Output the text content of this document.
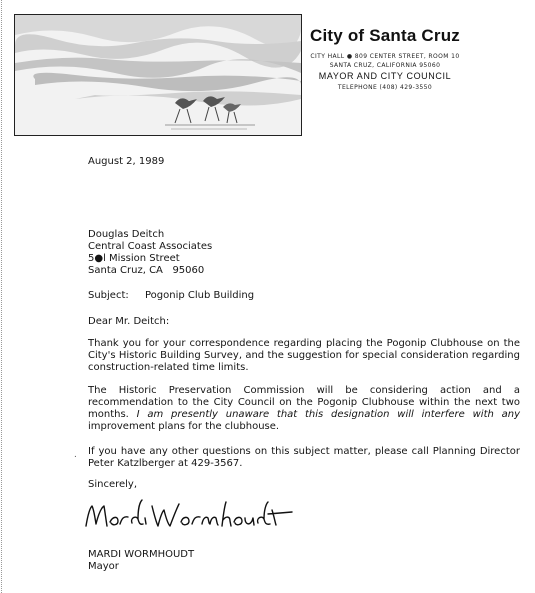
City of Santa Cruz
CITY HALL ● 809 CENTER STREET, ROOM 10
SANTA CRUZ, CALIFORNIA 95060
MAYOR AND CITY COUNCIL
TELEPHONE (408) 429-3550
August 2, 1989
Douglas Deitch
Central Coast Associates
5●l Mission Street
Santa Cruz, CA   95060
Subject: Pogonip Club Building
Dear Mr. Deitch:
Thank you for your correspondence regarding placing the Pogonip Clubhouse on the City's Historic Building Survey, and the suggestion for special consideration regarding construction-related time limits.
The Historic Preservation Commission will be considering action and a recommendation to the City Council on the Pogonip Clubhouse within the next two months. I am presently unaware that this designation will interfere with any improvement plans for the clubhouse.
. If you have any other questions on this subject matter, please call Planning Director Peter Katzlberger at 429-3567.
Sincerely,
MARDI WORMHOUDT
Mayor
